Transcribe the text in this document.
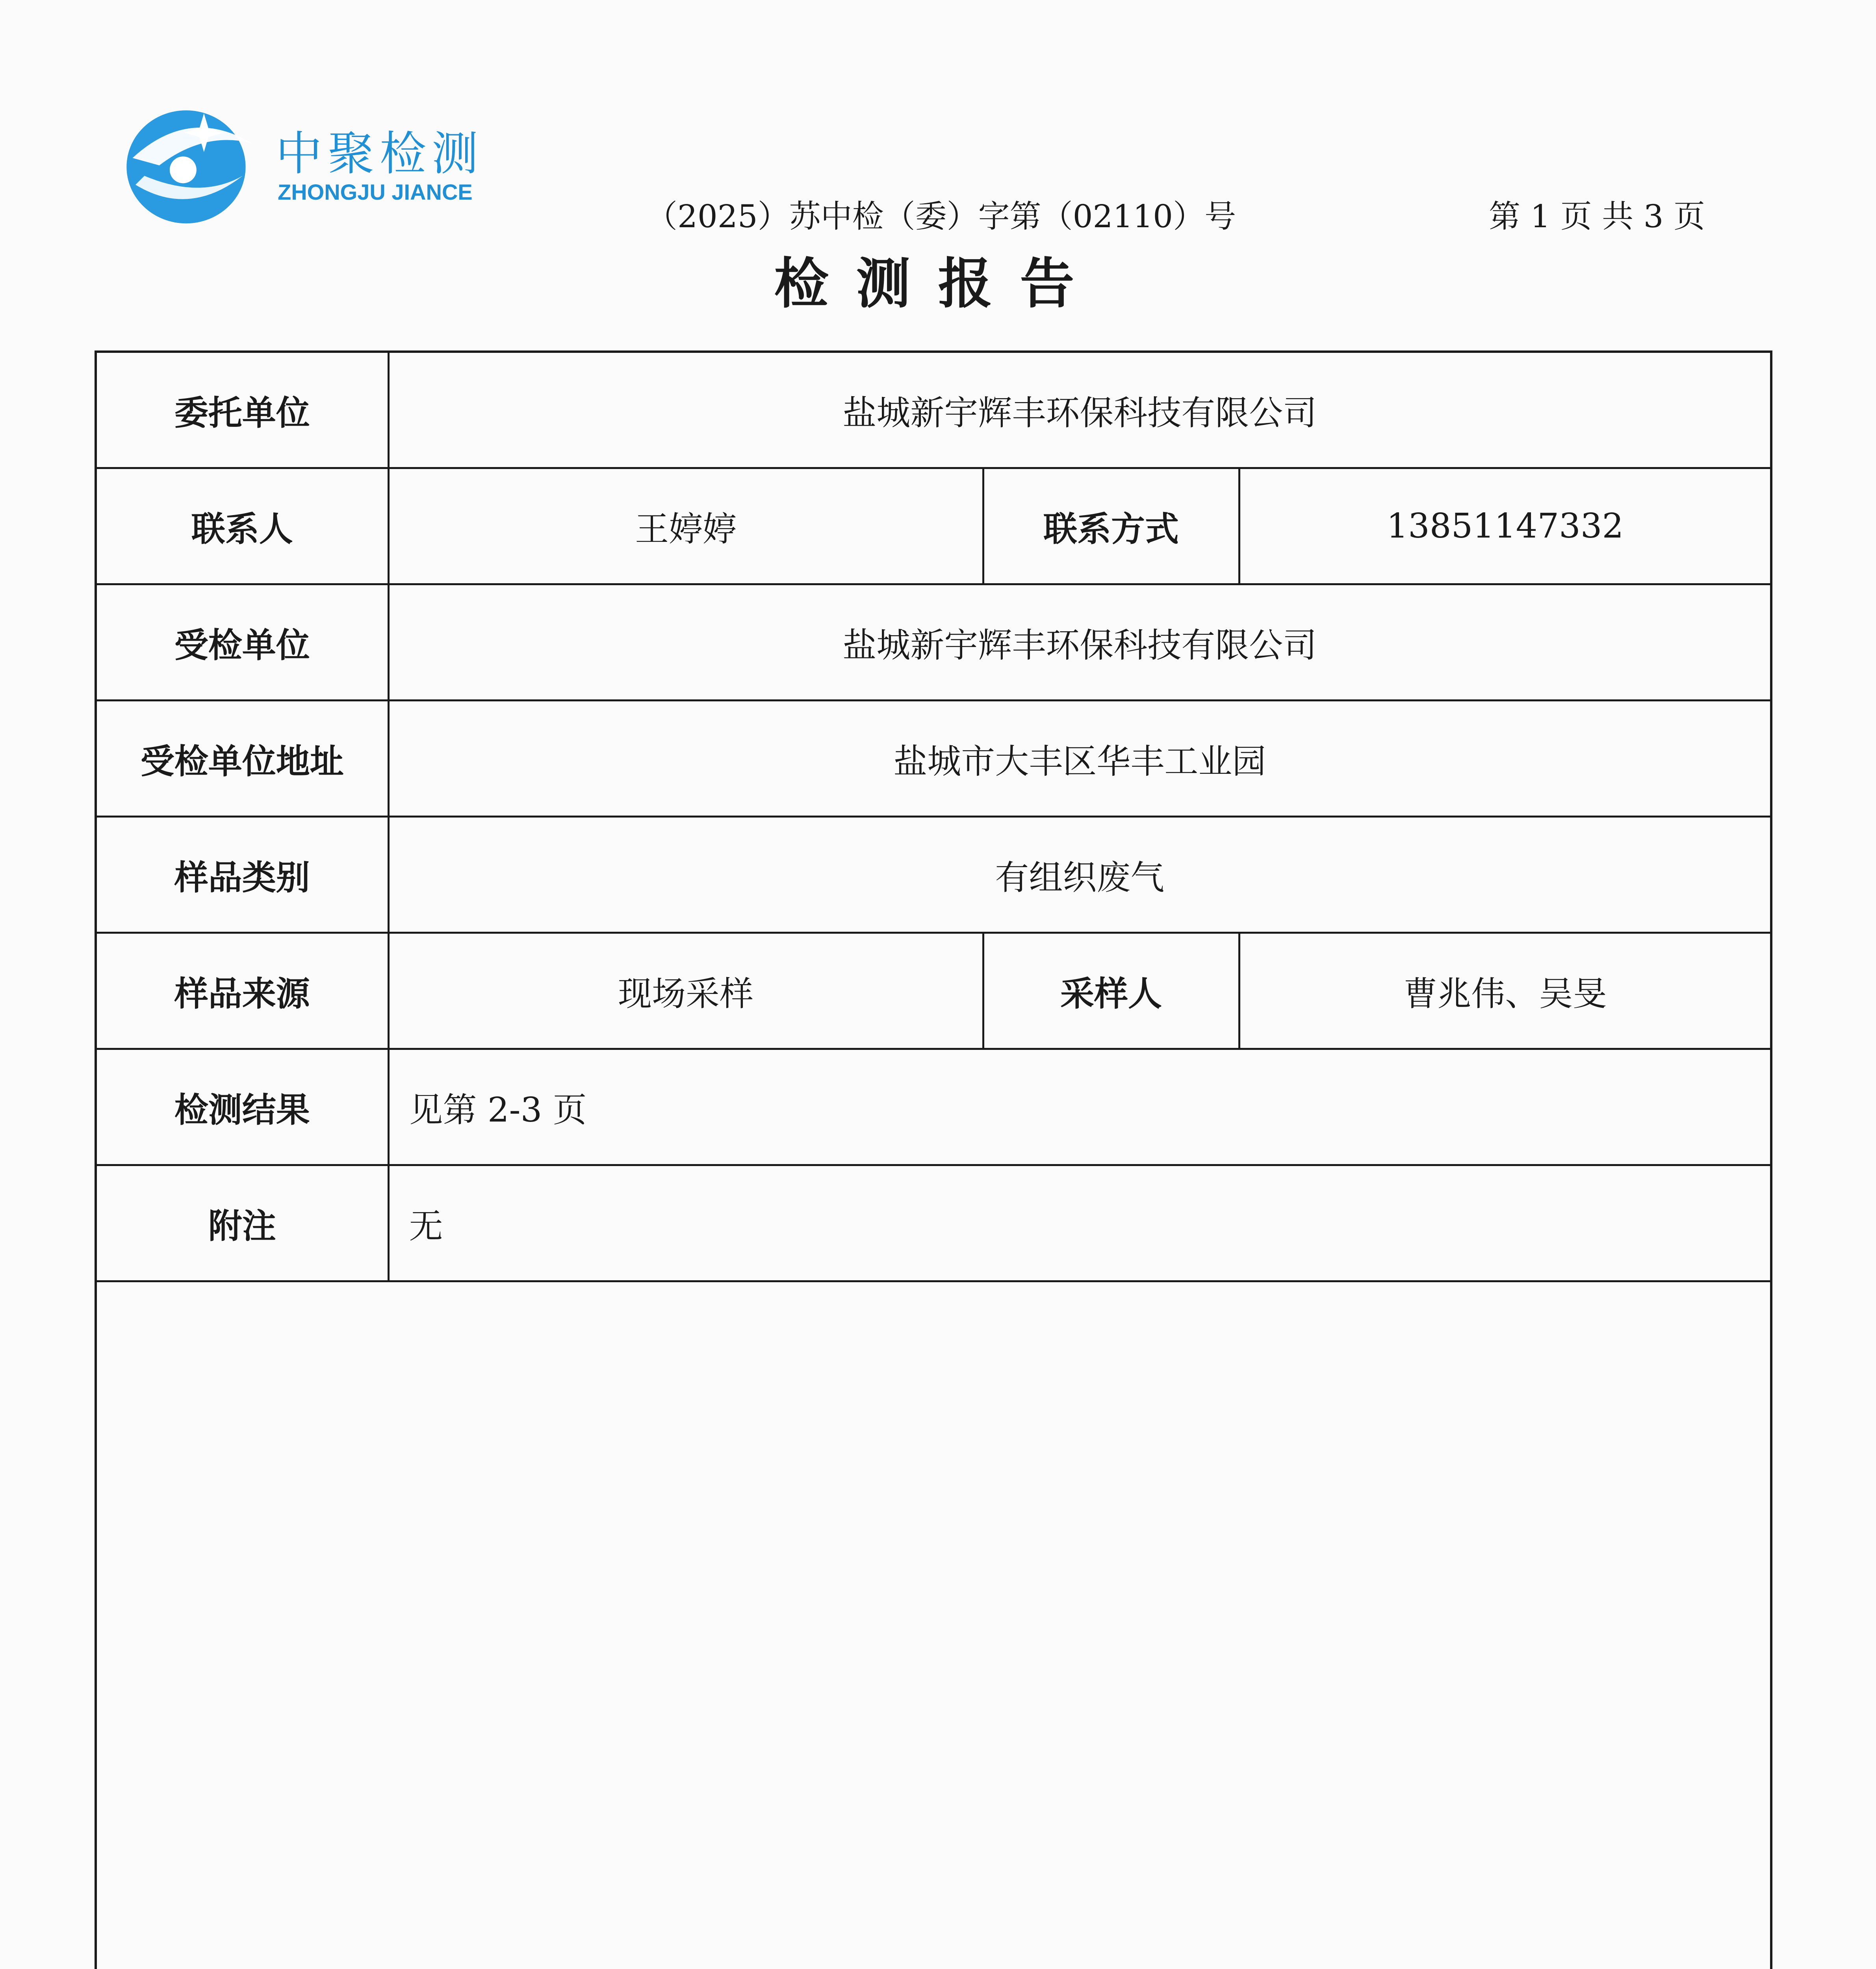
中聚检测
ZHONGJU JIANCE
（2025）苏中检（委）字第（02110）号	第 1 页 共 3 页
检测报告
委托单位	盐城新宇辉丰环保科技有限公司		
联系人	王婷婷	联系方式	13851147332
受检单位	盐城新宇辉丰环保科技有限公司		
受检单位地址	盐城市大丰区华丰工业园		
样品类别	有组织废气		
样品来源	现场采样	采样人	曹兆伟、吴旻
检测结果	见第 2-3 页		
附注	无		
